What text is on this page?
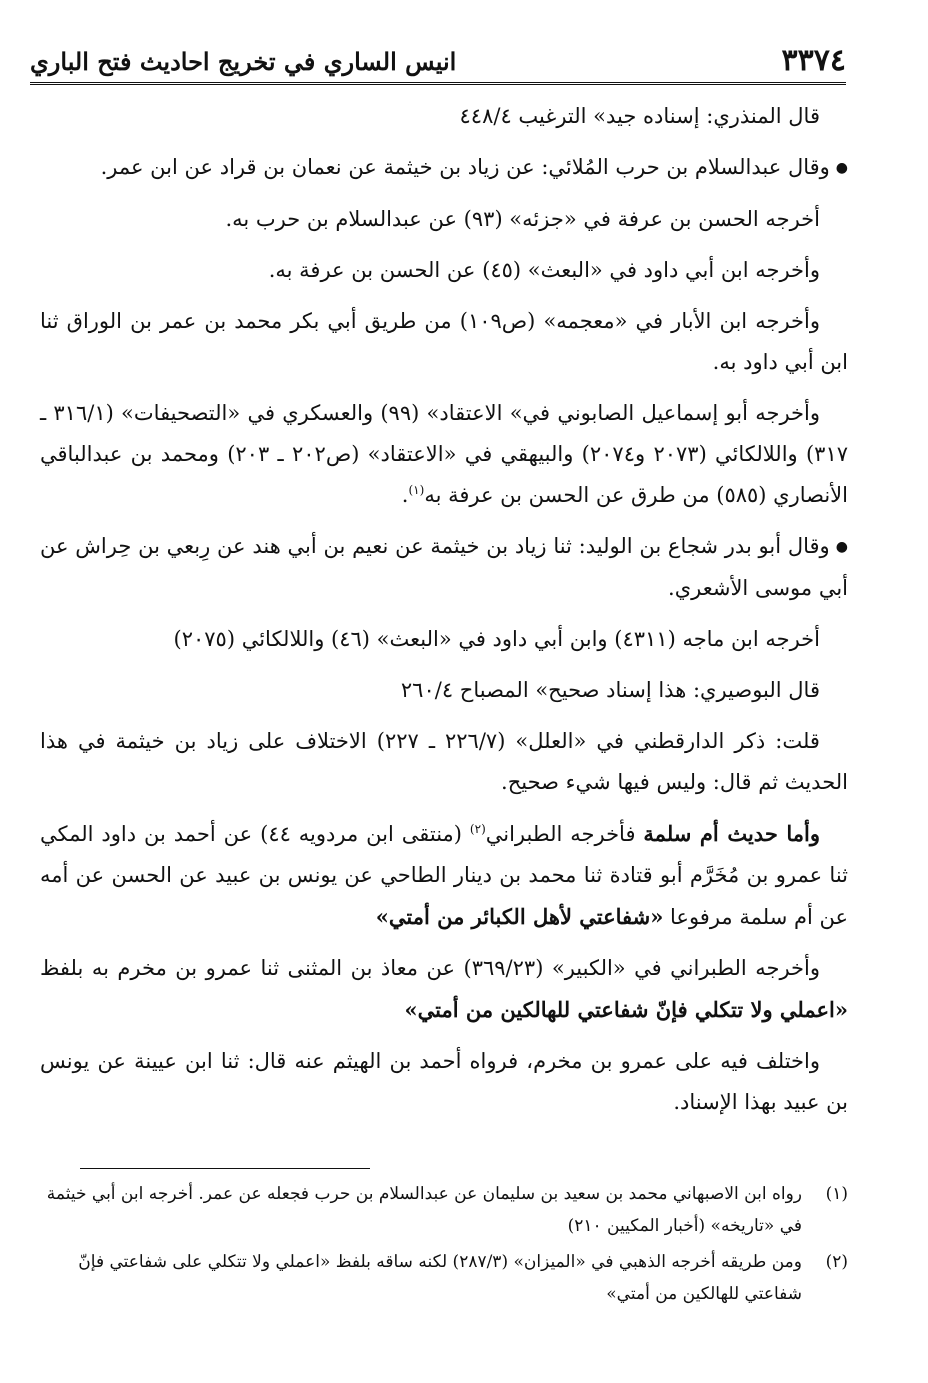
٣٣٧٤
انيس الساري في تخريج احاديث فتح الباري

قال المنذري: إسناده جيد» الترغيب ٤٤٨/٤

●وقال عبدالسلام بن حرب المُلائي: عن زياد بن خيثمة عن نعمان بن قراد عن ابن عمر.

أخرجه الحسن بن عرفة في «جزئه» (٩٣) عن عبدالسلام بن حرب به.

وأخرجه ابن أبي داود في «البعث» (٤٥) عن الحسن بن عرفة به.

وأخرجه ابن الأبار في «معجمه» (ص١٠٩) من طريق أبي بكر محمد بن عمر بن الوراق ثنا ابن أبي داود به.

وأخرجه أبو إسماعيل الصابوني في» الاعتقاد» (٩٩) والعسكري في «التصحيفات» (٣١٦/١ ـ ٣١٧) واللالكائي (٢٠٧٣ و٢٠٧٤) والبيهقي في «الاعتقاد» (ص٢٠٢ ـ ٢٠٣) ومحمد بن عبدالباقي الأنصاري (٥٨٥) من طرق عن الحسن بن عرفة به$^{(١)}$.

●وقال أبو بدر شجاع بن الوليد: ثنا زياد بن خيثمة عن نعيم بن أبي هند عن رِبعي بن حِراش عن أبي موسى الأشعري.

أخرجه ابن ماجه (٤٣١١) وابن أبي داود في «البعث» (٤٦) واللالكائي (٢٠٧٥)

قال البوصيري: هذا إسناد صحيح» المصباح ٢٦٠/٤

قلت: ذكر الدارقطني في «العلل» (٢٢٦/٧ ـ ٢٢٧) الاختلاف على زياد بن خيثمة في هذا الحديث ثم قال: وليس فيها شيء صحيح.

وأما حديث أم سلمة فأخرجه الطبراني$^{(٢)}$ (منتقى ابن مردويه ٤٤) عن أحمد بن داود المكي ثنا عمرو بن مُخَرَّم أبو قتادة ثنا محمد بن دينار الطاحي عن يونس بن عبيد عن الحسن عن أمه عن أم سلمة مرفوعا «شفاعتي لأهل الكبائر من أمتي»

وأخرجه الطبراني في «الكبير» (٣٦٩/٢٣) عن معاذ بن المثنى ثنا عمرو بن مخرم به بلفظ «اعملي ولا تتكلي فإنّ شفاعتي للهالكين من أمتي»

واختلف فيه على عمرو بن مخرم، فرواه أحمد بن الهيثم عنه قال: ثنا ابن عيينة عن يونس بن عبيد بهذا الإسناد.

(١)
رواه ابن الاصبهاني محمد بن سعيد بن سليمان عن عبدالسلام بن حرب فجعله عن عمر. أخرجه ابن أبي خيثمة في «تاريخه» (أخبار المكيين ٢١٠)
(٢)
ومن طريقه أخرجه الذهبي في «الميزان» (٢٨٧/٣) لكنه ساقه بلفظ «اعملي ولا تتكلي على شفاعتي فإنّ شفاعتي للهالكين من أمتي»
